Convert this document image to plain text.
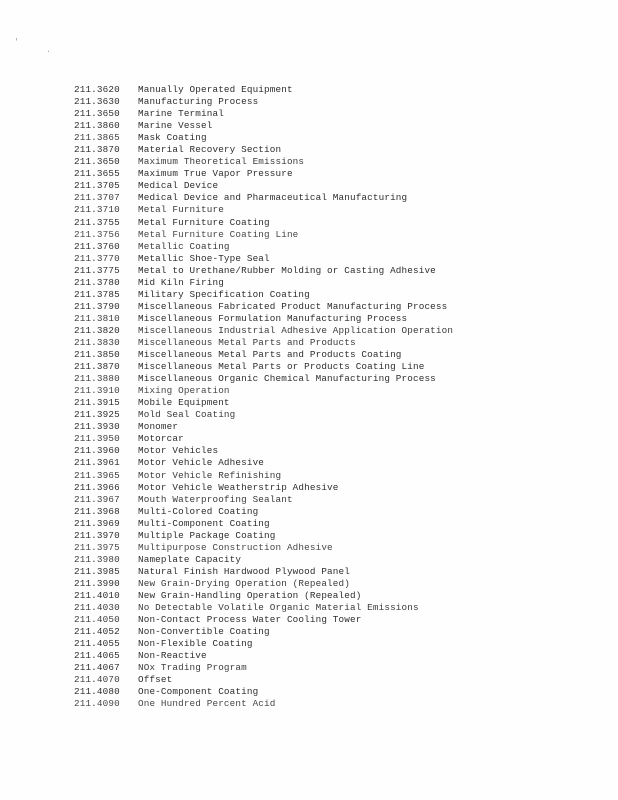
'
.
211.3620	Manually Operated Equipment
211.3630	Manufacturing Process
211.3650	Marine Terminal
211.3860	Marine Vessel
211.3865	Mask Coating
211.3870	Material Recovery Section
211.3650	Maximum Theoretical Emissions
211.3655	Maximum True Vapor Pressure
211.3705	Medical Device
211.3707	Medical Device and Pharmaceutical Manufacturing
211.3710	Metal Furniture
211.3755	Metal Furniture Coating
211.3756	Metal Furniture Coating Line
211.3760	Metallic Coating
211.3770	Metallic Shoe-Type Seal
211.3775	Metal to Urethane/Rubber Molding or Casting Adhesive
211.3780	Mid Kiln Firing
211.3785	Military Specification Coating
211.3790	Miscellaneous Fabricated Product Manufacturing Process
211.3810	Miscellaneous Formulation Manufacturing Process
211.3820	Miscellaneous Industrial Adhesive Application Operation
211.3830	Miscellaneous Metal Parts and Products
211.3850	Miscellaneous Metal Parts and Products Coating
211.3870	Miscellaneous Metal Parts or Products Coating Line
211.3880	Miscellaneous Organic Chemical Manufacturing Process
211.3910	Mixing Operation
211.3915	Mobile Equipment
211.3925	Mold Seal Coating
211.3930	Monomer
211.3950	Motorcar
211.3960	Motor Vehicles
211.3961	Motor Vehicle Adhesive
211.3965	Motor Vehicle Refinishing
211.3966	Motor Vehicle Weatherstrip Adhesive
211.3967	Mouth Waterproofing Sealant
211.3968	Multi-Colored Coating
211.3969	Multi-Component Coating
211.3970	Multiple Package Coating
211.3975	Multipurpose Construction Adhesive
211.3980	Nameplate Capacity
211.3985	Natural Finish Hardwood Plywood Panel
211.3990	New Grain-Drying Operation (Repealed)
211.4010	New Grain-Handling Operation (Repealed)
211.4030	No Detectable Volatile Organic Material Emissions
211.4050	Non-Contact Process Water Cooling Tower
211.4052	Non-Convertible Coating
211.4055	Non-Flexible Coating
211.4065	Non-Reactive
211.4067	NOx Trading Program
211.4070	Offset
211.4080	One-Component Coating
211.4090	One Hundred Percent Acid
